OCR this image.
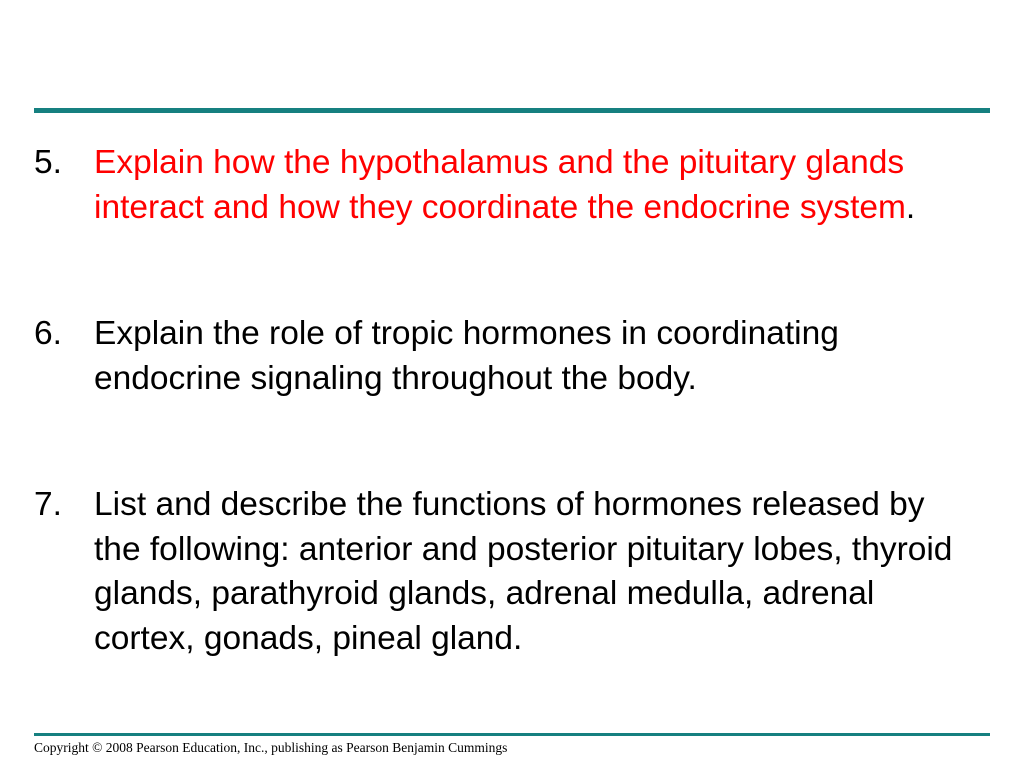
5. Explain how the hypothalamus and the pituitary glands interact and how they coordinate the endocrine system.
6. Explain the role of tropic hormones in coordinating endocrine signaling throughout the body.
7. List and describe the functions of hormones released by the following: anterior and posterior pituitary lobes, thyroid glands, parathyroid glands, adrenal medulla, adrenal cortex, gonads, pineal gland.
Copyright © 2008 Pearson Education, Inc., publishing as Pearson Benjamin Cummings
